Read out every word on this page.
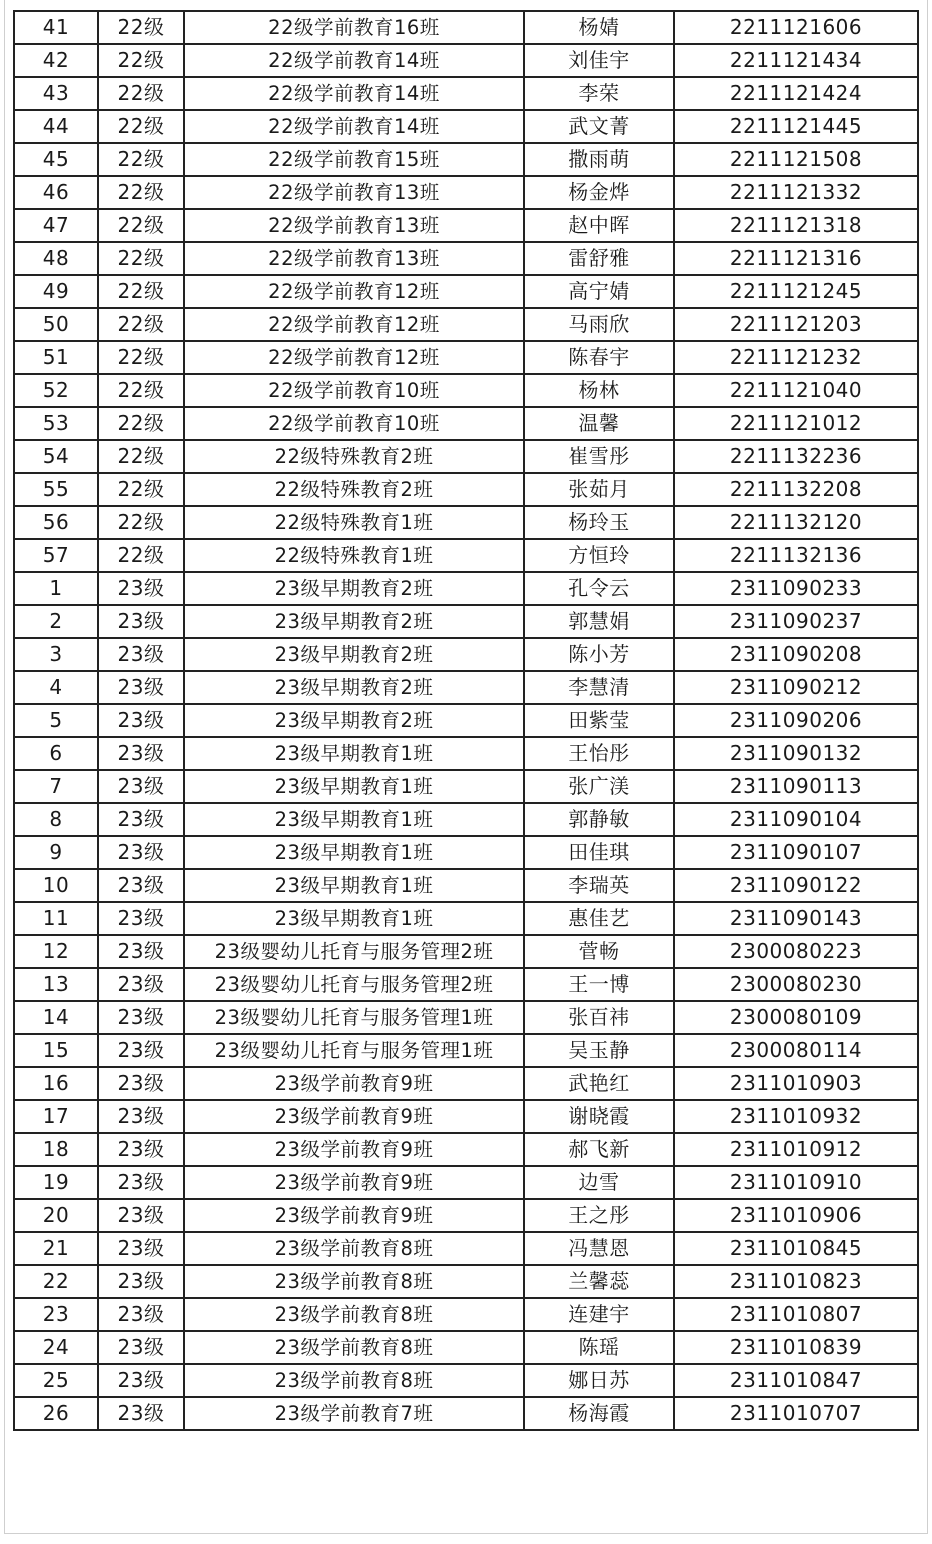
41	22级	22级学前教育16班	杨婧	2211121606
42	22级	22级学前教育14班	刘佳宇	2211121434
43	22级	22级学前教育14班	李荣	2211121424
44	22级	22级学前教育14班	武文菁	2211121445
45	22级	22级学前教育15班	撒雨萌	2211121508
46	22级	22级学前教育13班	杨金烨	2211121332
47	22级	22级学前教育13班	赵中晖	2211121318
48	22级	22级学前教育13班	雷舒雅	2211121316
49	22级	22级学前教育12班	高宁婧	2211121245
50	22级	22级学前教育12班	马雨欣	2211121203
51	22级	22级学前教育12班	陈春宇	2211121232
52	22级	22级学前教育10班	杨林	2211121040
53	22级	22级学前教育10班	温馨	2211121012
54	22级	22级特殊教育2班	崔雪彤	2211132236
55	22级	22级特殊教育2班	张茹月	2211132208
56	22级	22级特殊教育1班	杨玲玉	2211132120
57	22级	22级特殊教育1班	方恒玲	2211132136
1	23级	23级早期教育2班	孔令云	2311090233
2	23级	23级早期教育2班	郭慧娟	2311090237
3	23级	23级早期教育2班	陈小芳	2311090208
4	23级	23级早期教育2班	李慧清	2311090212
5	23级	23级早期教育2班	田紫莹	2311090206
6	23级	23级早期教育1班	王怡彤	2311090132
7	23级	23级早期教育1班	张广渼	2311090113
8	23级	23级早期教育1班	郭静敏	2311090104
9	23级	23级早期教育1班	田佳琪	2311090107
10	23级	23级早期教育1班	李瑞英	2311090122
11	23级	23级早期教育1班	惠佳艺	2311090143
12	23级	23级婴幼儿托育与服务管理2班	菅畅	2300080223
13	23级	23级婴幼儿托育与服务管理2班	王一博	2300080230
14	23级	23级婴幼儿托育与服务管理1班	张百祎	2300080109
15	23级	23级婴幼儿托育与服务管理1班	吴玉静	2300080114
16	23级	23级学前教育9班	武艳红	2311010903
17	23级	23级学前教育9班	谢晓霞	2311010932
18	23级	23级学前教育9班	郝飞新	2311010912
19	23级	23级学前教育9班	边雪	2311010910
20	23级	23级学前教育9班	王之彤	2311010906
21	23级	23级学前教育8班	冯慧恩	2311010845
22	23级	23级学前教育8班	兰馨蕊	2311010823
23	23级	23级学前教育8班	连建宇	2311010807
24	23级	23级学前教育8班	陈瑶	2311010839
25	23级	23级学前教育8班	娜日苏	2311010847
26	23级	23级学前教育7班	杨海霞	2311010707
